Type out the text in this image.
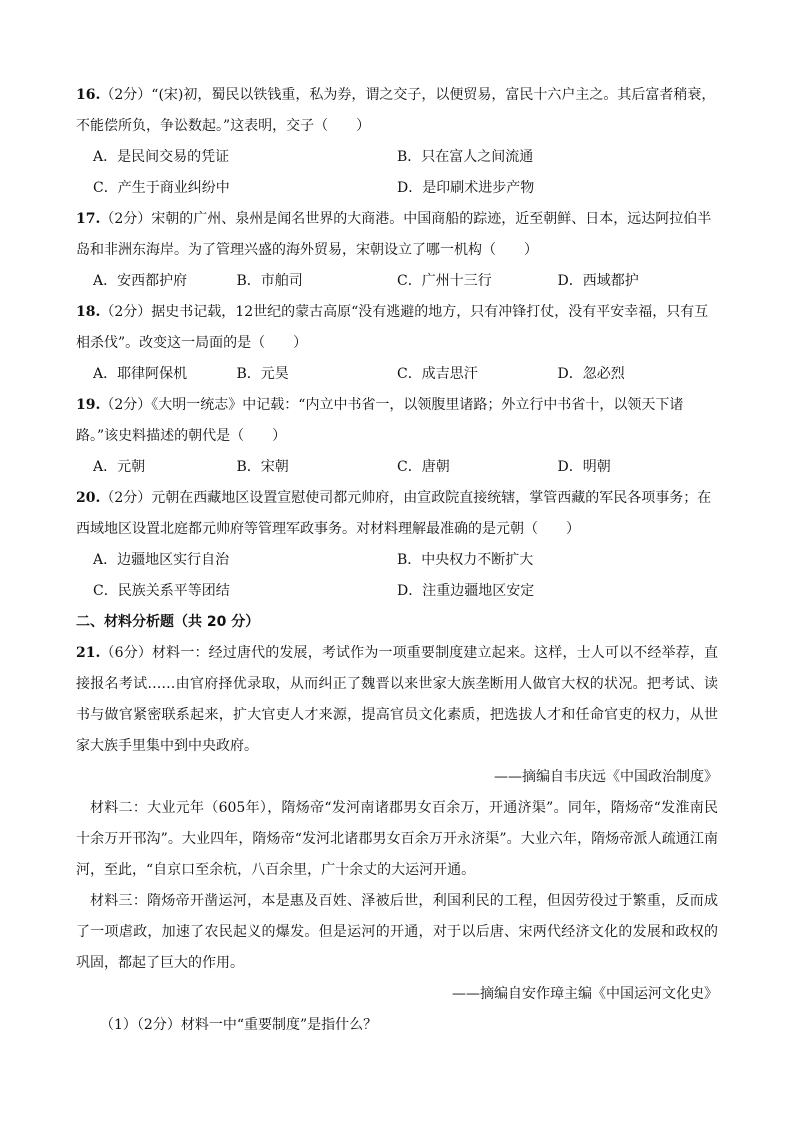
16.（2分）“(宋)初，蜀民以铁钱重，私为券，谓之交子，以便贸易，富民十六户主之。其后富者稍衰，不能偿所负，争讼数起。”这表明，交子（　　）

A．是民间交易的凭证	B．只在富人之间流通
C．产生于商业纠纷中	D．是印刷术进步产物

17.（2分）宋朝的广州、泉州是闻名世界的大商港。中国商船的踪迹，近至朝鲜、日本，远达阿拉伯半岛和非洲东海岸。为了管理兴盛的海外贸易，宋朝设立了哪一机构（　　）

A．安西都护府	B．市舶司	C．广州十三行	D．西域都护

18.（2分）据史书记载，12世纪的蒙古高原“没有逃避的地方，只有冲锋打仗，没有平安幸福，只有互相杀伐”。改变这一局面的是（　　）

A．耶律阿保机	B．元昊	C．成吉思汗	D．忽必烈

19.（2分）《大明一统志》中记载：“内立中书省一，以领腹里诸路；外立行中书省十，以领天下诸路。”该史料描述的朝代是（　　）

A．元朝	B．宋朝	C．唐朝	D．明朝

20.（2分）元朝在西藏地区设置宣慰使司都元帅府，由宣政院直接统辖，掌管西藏的军民各项事务；在西域地区设置北庭都元帅府等管理军政事务。对材料理解最准确的是元朝（　　）

A．边疆地区实行自治	B．中央权力不断扩大
C．民族关系平等团结	D．注重边疆地区安定

二、材料分析题（共 20 分）

21.（6分）材料一：经过唐代的发展，考试作为一项重要制度建立起来。这样，士人可以不经举荐，直接报名考试……由官府择优录取，从而纠正了魏晋以来世家大族垄断用人做官大权的状况。把考试、读书与做官紧密联系起来，扩大官吏人才来源，提高官员文化素质，把选拔人才和任命官吏的权力，从世家大族手里集中到中央政府。

——摘编自韦庆远《中国政治制度》

材料二：大业元年（605年），隋炀帝“发河南诸郡男女百余万，开通济渠”。同年，隋炀帝“发淮南民十余万开邗沟”。大业四年，隋炀帝“发河北诸郡男女百余万开永济渠”。大业六年，隋炀帝派人疏通江南河，至此，“自京口至余杭，八百余里，广十余丈的大运河开通。

材料三：隋炀帝开凿运河，本是惠及百姓、泽被后世，利国利民的工程，但因劳役过于繁重，反而成了一项虐政，加速了农民起义的爆发。但是运河的开通，对于以后唐、宋两代经济文化的发展和政权的巩固，都起了巨大的作用。

——摘编自安作璋主编《中国运河文化史》

（1）（2分）材料一中“重要制度”是指什么？
